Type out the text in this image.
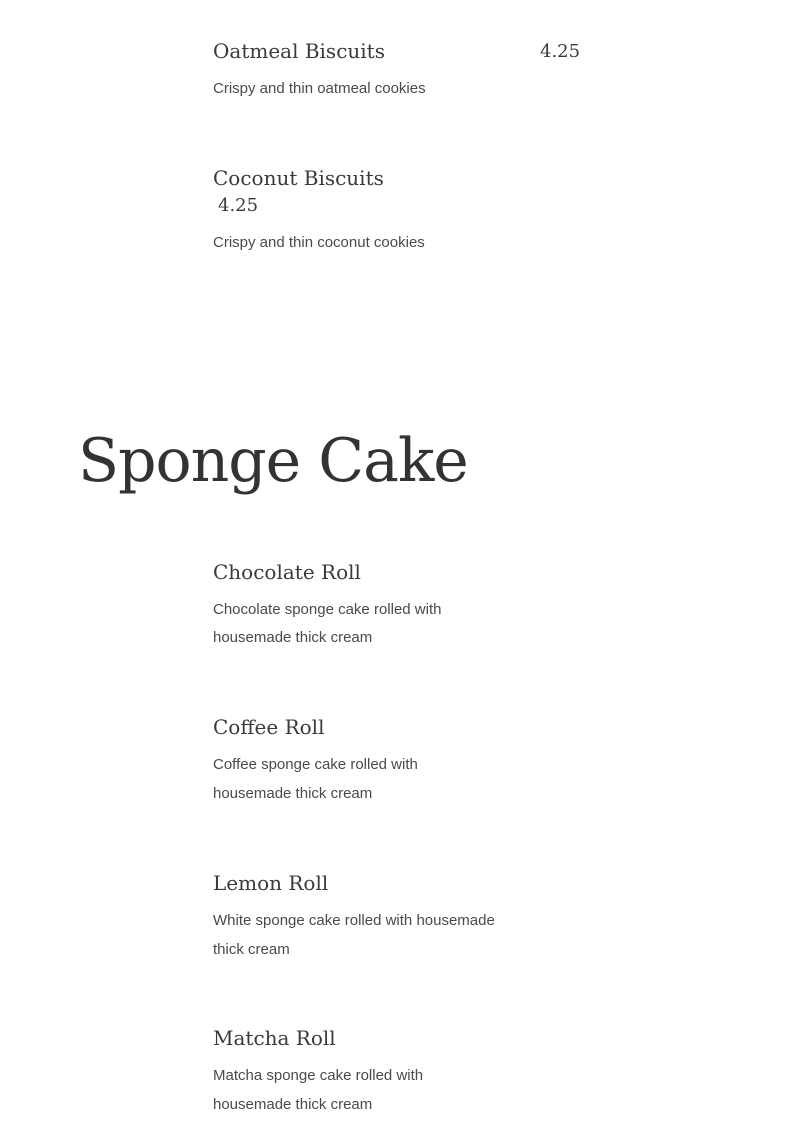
Oatmeal Biscuits	4.25

Crispy and thin oatmeal cookies

Coconut Biscuits
4.25

Crispy and thin coconut cookies

Sponge Cake
Chocolate Roll

Chocolate sponge cake rolled with

housemade thick cream

Coffee Roll

Coffee sponge cake rolled with

housemade thick cream

Lemon Roll

White sponge cake rolled with housemade

thick cream

Matcha Roll

Matcha sponge cake rolled with

housemade thick cream
